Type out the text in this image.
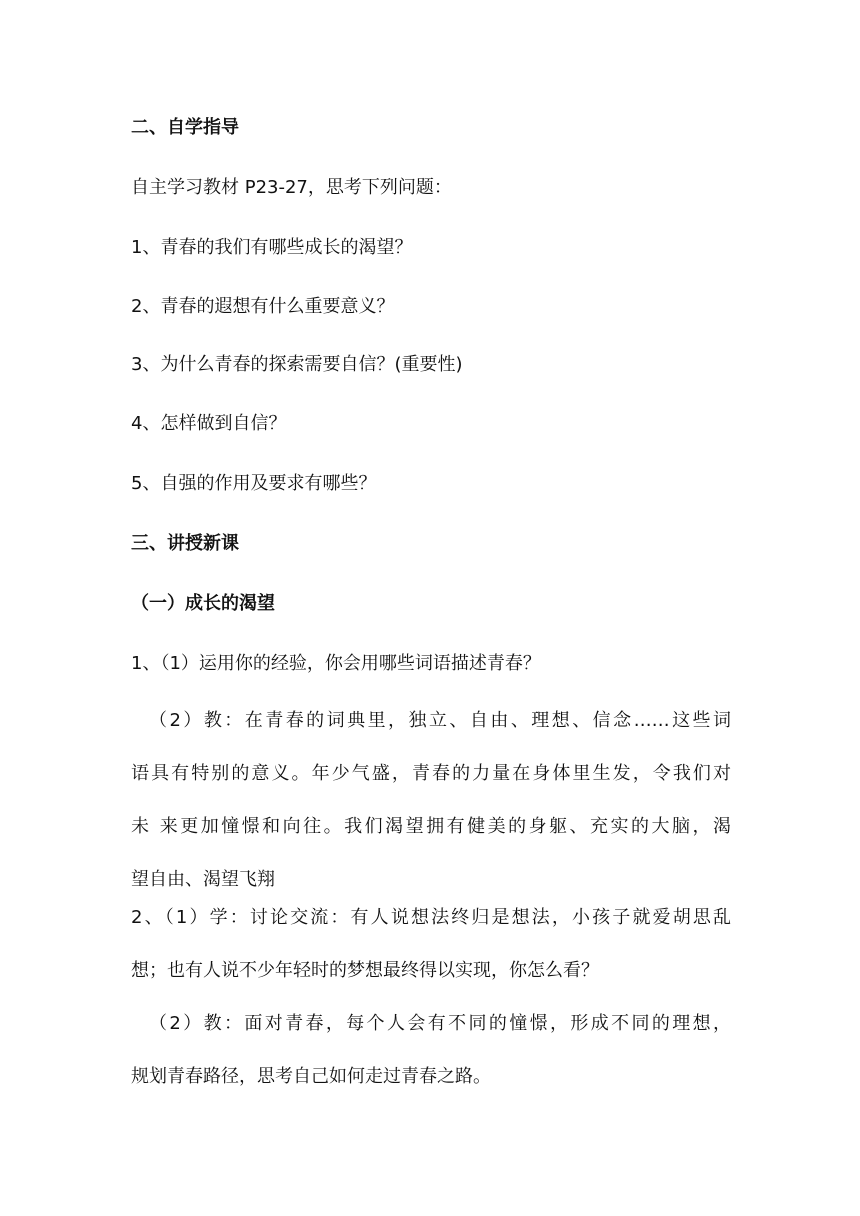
二、自学指导
自主学习教材 P23-27，思考下列问题：
1、青春的我们有哪些成长的渴望？
2、青春的遐想有什么重要意义？
3、为什么青春的探索需要自信？(重要性)
4、怎样做到自信？
5、自强的作用及要求有哪些？
三、讲授新课
（一）成长的渴望
1、（1）运用你的经验，你会用哪些词语描述青春？
（2）教：在青春的词典里，独立、自由、理想、信念……这些词
语具有特别的意义。年少气盛，青春的力量在身体里生发，令我们对
未 来更加憧憬和向往。我们渴望拥有健美的身躯、充实的大脑，渴
望自由、渴望飞翔
2、（1）学：讨论交流：有人说想法终归是想法，小孩子就爱胡思乱
想；也有人说不少年轻时的梦想最终得以实现，你怎么看？
（2）教：面对青春，每个人会有不同的憧憬，形成不同的理想，
规划青春路径，思考自己如何走过青春之路。
